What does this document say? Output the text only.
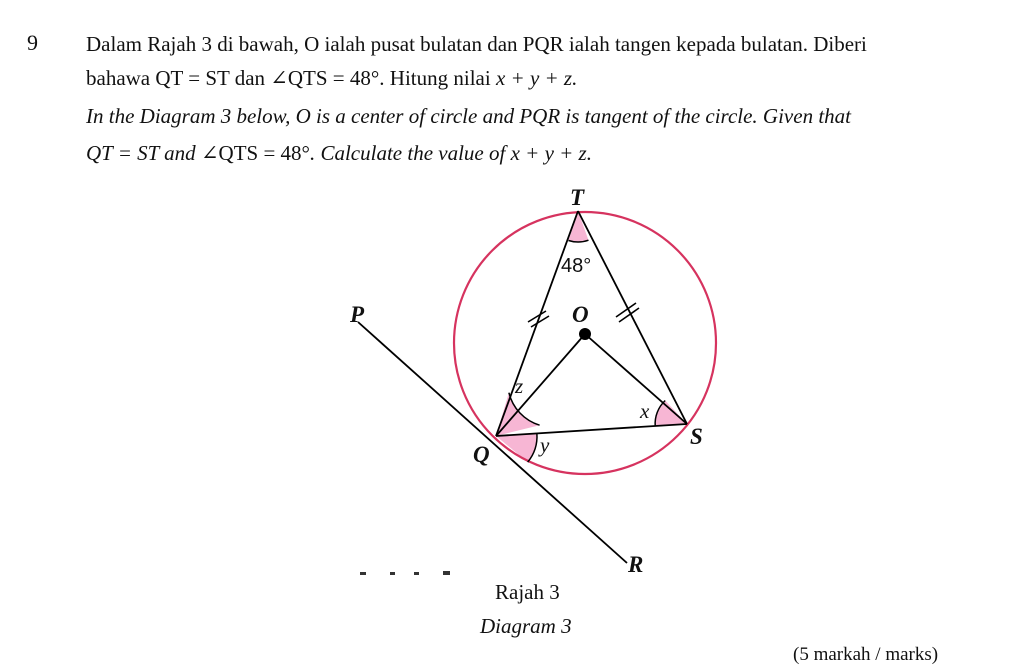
9 Dalam Rajah 3 di bawah, O ialah pusat bulatan dan PQR ialah tangen kepada bulatan. Diberi
bahawa QT = ST dan ∠QTS = 48°. Hitung nilai x + y + z.
In the Diagram 3 below, O is a center of circle and PQR is tangent of the circle. Given that
QT = ST and ∠QTS = 48°. Calculate the value of x + y + z.
T
O
P
Q
S
R
48°
z
x
y
Rajah 3
Diagram 3
(5 markah / marks)
